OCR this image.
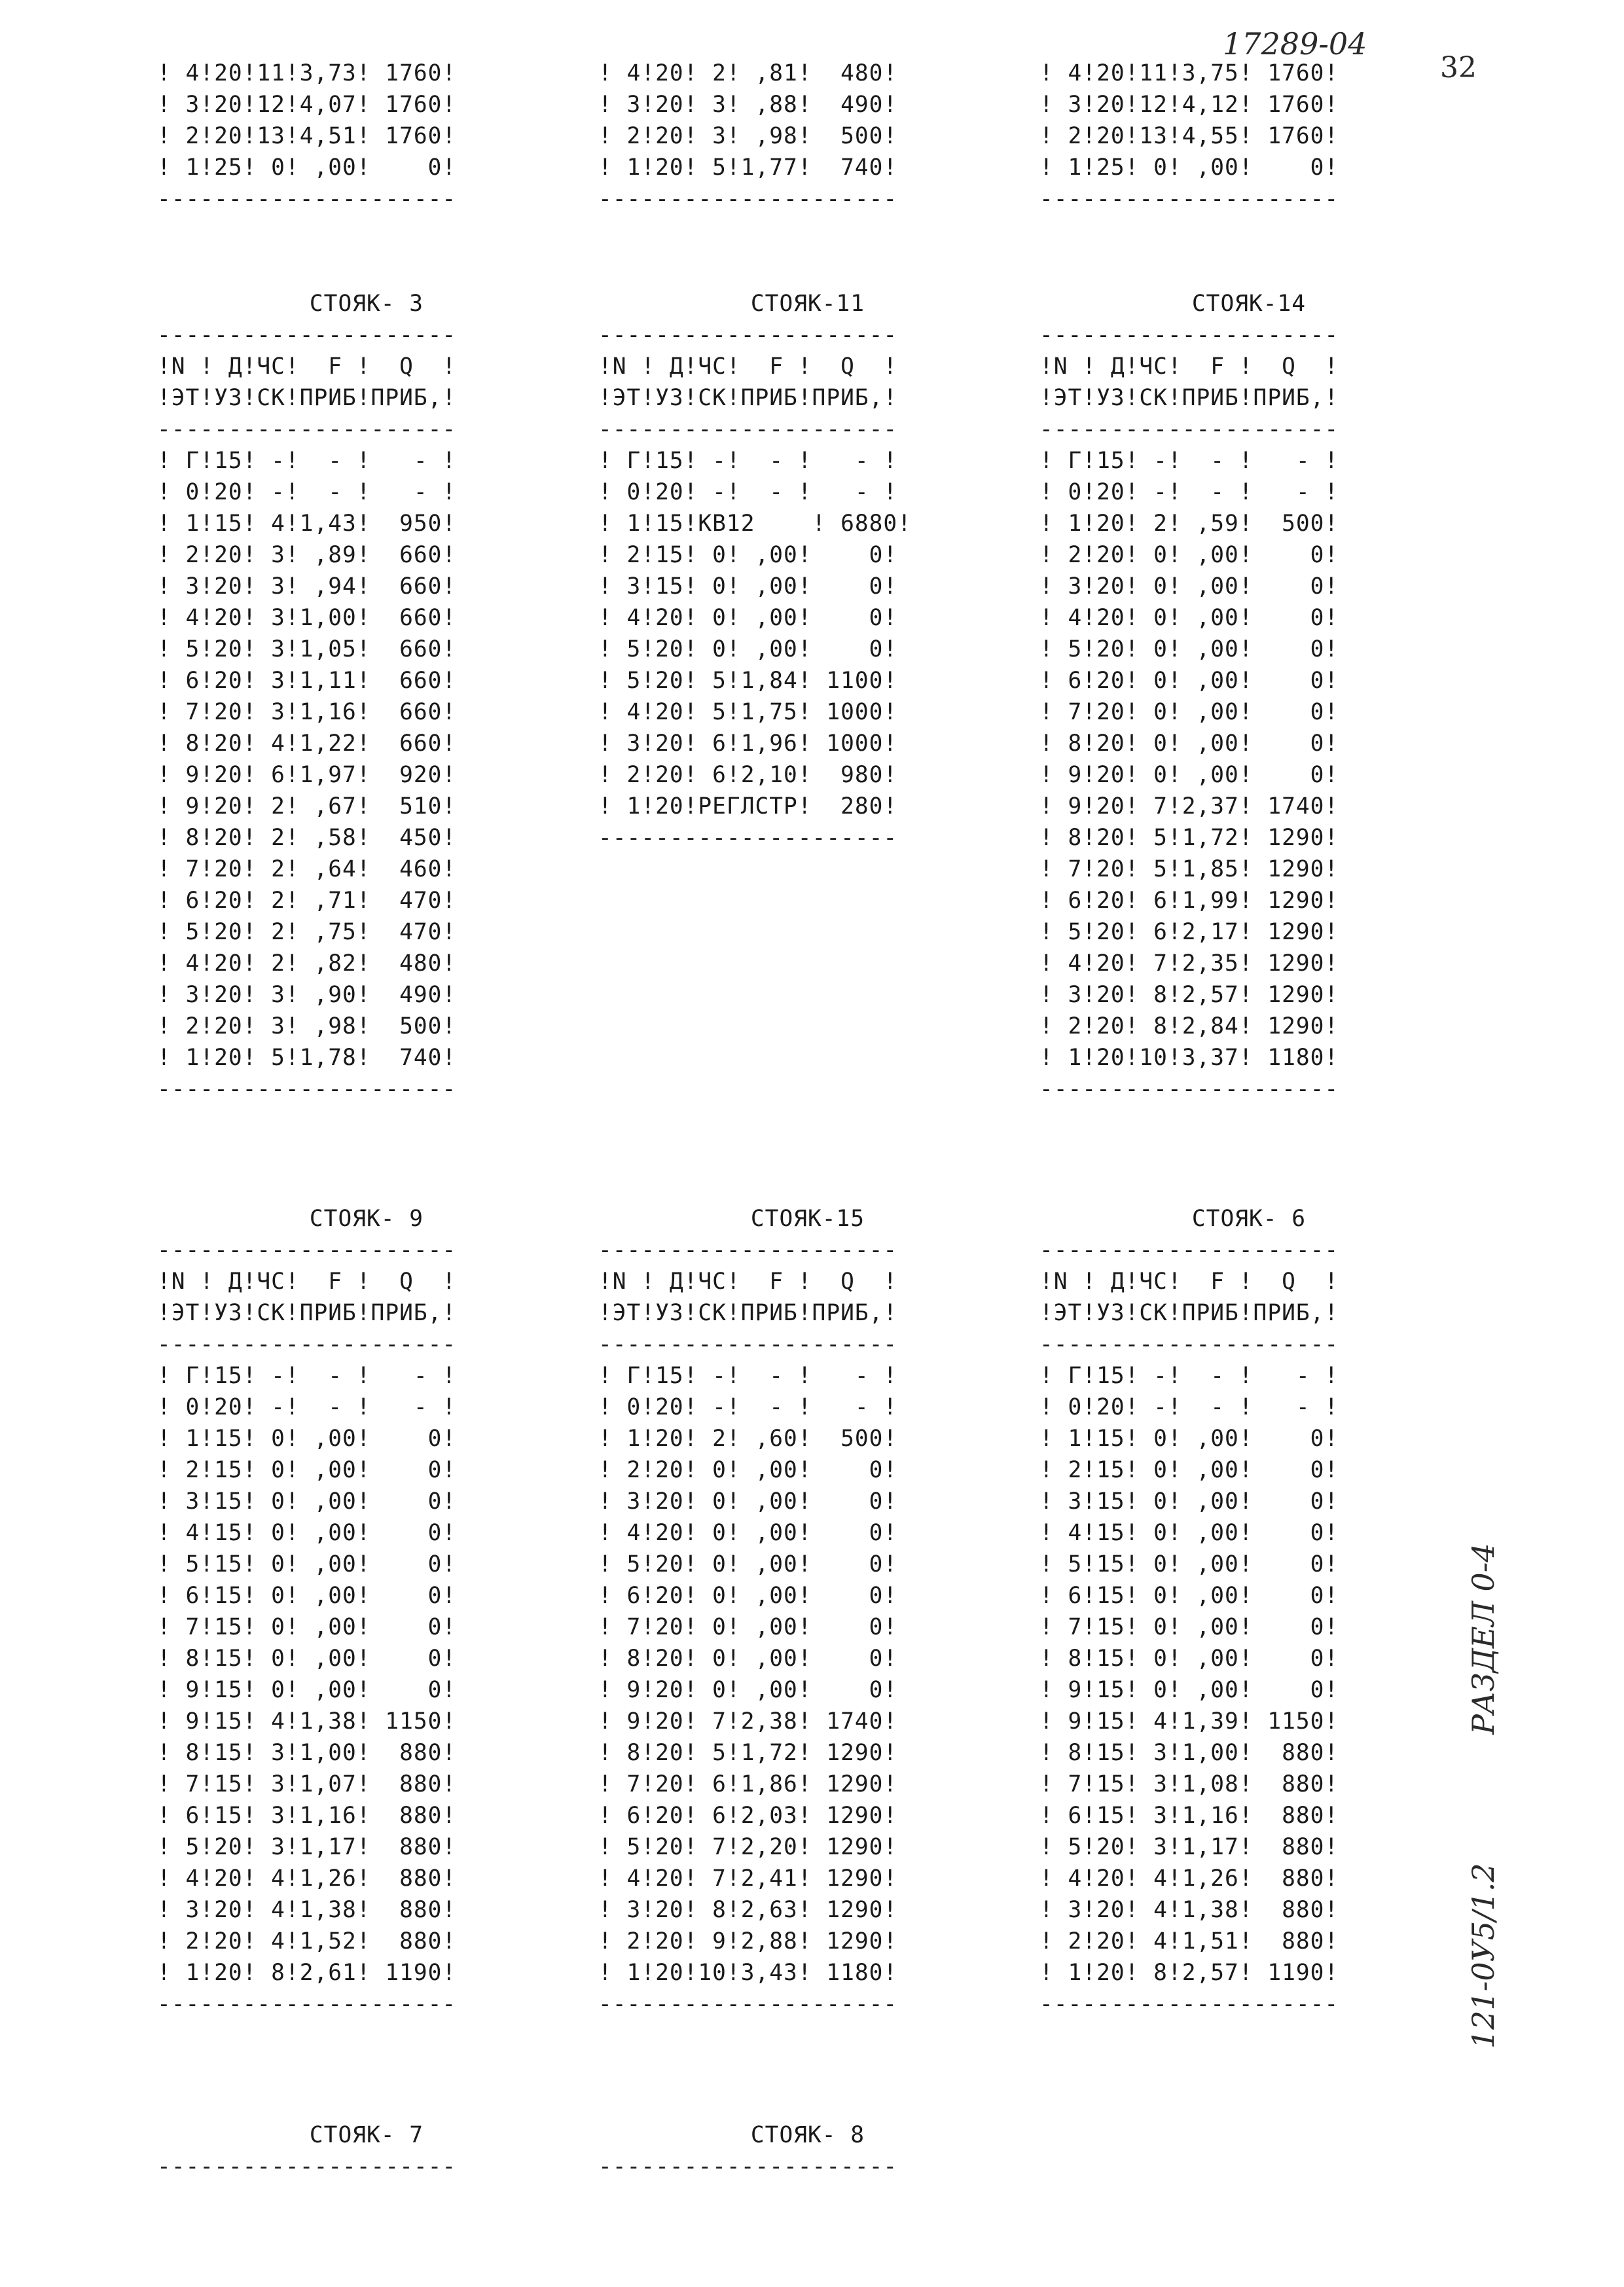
17289-04
32
! 4!20!11!3,73! 1760!
! 3!20!12!4,07! 1760!
! 2!20!13!4,51! 1760!
! 1!25! 0! ,00!    0!
---------------------
! 4!20! 2! ,81!  480!
! 3!20! 3! ,88!  490!
! 2!20! 3! ,98!  500!
! 1!20! 5!1,77!  740!
---------------------
! 4!20!11!3,75! 1760!
! 3!20!12!4,12! 1760!
! 2!20!13!4,55! 1760!
! 1!25! 0! ,00!    0!
---------------------
СТОЯК- 3	СТОЯК-11	СТОЯК-14
---------------------
!N ! Д!ЧС!  F !  Q  !
!ЭТ!УЗ!СК!ПРИБ!ПРИБ,!
---------------------
! Г!15! -!  - !   - !
! 0!20! -!  - !   - !
! 1!15! 4!1,43!  950!
! 2!20! 3! ,89!  660!
! 3!20! 3! ,94!  660!
! 4!20! 3!1,00!  660!
! 5!20! 3!1,05!  660!
! 6!20! 3!1,11!  660!
! 7!20! 3!1,16!  660!
! 8!20! 4!1,22!  660!
! 9!20! 6!1,97!  920!
! 9!20! 2! ,67!  510!
! 8!20! 2! ,58!  450!
! 7!20! 2! ,64!  460!
! 6!20! 2! ,71!  470!
! 5!20! 2! ,75!  470!
! 4!20! 2! ,82!  480!
! 3!20! 3! ,90!  490!
! 2!20! 3! ,98!  500!
! 1!20! 5!1,78!  740!
---------------------
---------------------
!N ! Д!ЧС!  F !  Q  !
!ЭТ!УЗ!СК!ПРИБ!ПРИБ,!
---------------------
! Г!15! -!  - !   - !
! 0!20! -!  - !   - !
! 1!15!КВ12    ! 6880!
! 2!15! 0! ,00!    0!
! 3!15! 0! ,00!    0!
! 4!20! 0! ,00!    0!
! 5!20! 0! ,00!    0!
! 5!20! 5!1,84! 1100!
! 4!20! 5!1,75! 1000!
! 3!20! 6!1,96! 1000!
! 2!20! 6!2,10!  980!
! 1!20!РЕГЛСТР!  280!
---------------------
---------------------
!N ! Д!ЧС!  F !  Q  !
!ЭТ!УЗ!СК!ПРИБ!ПРИБ,!
---------------------
! Г!15! -!  - !   - !
! 0!20! -!  - !   - !
! 1!20! 2! ,59!  500!
! 2!20! 0! ,00!    0!
! 3!20! 0! ,00!    0!
! 4!20! 0! ,00!    0!
! 5!20! 0! ,00!    0!
! 6!20! 0! ,00!    0!
! 7!20! 0! ,00!    0!
! 8!20! 0! ,00!    0!
! 9!20! 0! ,00!    0!
! 9!20! 7!2,37! 1740!
! 8!20! 5!1,72! 1290!
! 7!20! 5!1,85! 1290!
! 6!20! 6!1,99! 1290!
! 5!20! 6!2,17! 1290!
! 4!20! 7!2,35! 1290!
! 3!20! 8!2,57! 1290!
! 2!20! 8!2,84! 1290!
! 1!20!10!3,37! 1180!
---------------------
СТОЯК- 9	СТОЯК-15	СТОЯК- 6
---------------------
!N ! Д!ЧС!  F !  Q  !
!ЭТ!УЗ!СК!ПРИБ!ПРИБ,!
---------------------
! Г!15! -!  - !   - !
! 0!20! -!  - !   - !
! 1!15! 0! ,00!    0!
! 2!15! 0! ,00!    0!
! 3!15! 0! ,00!    0!
! 4!15! 0! ,00!    0!
! 5!15! 0! ,00!    0!
! 6!15! 0! ,00!    0!
! 7!15! 0! ,00!    0!
! 8!15! 0! ,00!    0!
! 9!15! 0! ,00!    0!
! 9!15! 4!1,38! 1150!
! 8!15! 3!1,00!  880!
! 7!15! 3!1,07!  880!
! 6!15! 3!1,16!  880!
! 5!20! 3!1,17!  880!
! 4!20! 4!1,26!  880!
! 3!20! 4!1,38!  880!
! 2!20! 4!1,52!  880!
! 1!20! 8!2,61! 1190!
---------------------
---------------------
!N ! Д!ЧС!  F !  Q  !
!ЭТ!УЗ!СК!ПРИБ!ПРИБ,!
---------------------
! Г!15! -!  - !   - !
! 0!20! -!  - !   - !
! 1!20! 2! ,60!  500!
! 2!20! 0! ,00!    0!
! 3!20! 0! ,00!    0!
! 4!20! 0! ,00!    0!
! 5!20! 0! ,00!    0!
! 6!20! 0! ,00!    0!
! 7!20! 0! ,00!    0!
! 8!20! 0! ,00!    0!
! 9!20! 0! ,00!    0!
! 9!20! 7!2,38! 1740!
! 8!20! 5!1,72! 1290!
! 7!20! 6!1,86! 1290!
! 6!20! 6!2,03! 1290!
! 5!20! 7!2,20! 1290!
! 4!20! 7!2,41! 1290!
! 3!20! 8!2,63! 1290!
! 2!20! 9!2,88! 1290!
! 1!20!10!3,43! 1180!
---------------------
---------------------
!N ! Д!ЧС!  F !  Q  !
!ЭТ!УЗ!СК!ПРИБ!ПРИБ,!
---------------------
! Г!15! -!  - !   - !
! 0!20! -!  - !   - !
! 1!15! 0! ,00!    0!
! 2!15! 0! ,00!    0!
! 3!15! 0! ,00!    0!
! 4!15! 0! ,00!    0!
! 5!15! 0! ,00!    0!
! 6!15! 0! ,00!    0!
! 7!15! 0! ,00!    0!
! 8!15! 0! ,00!    0!
! 9!15! 0! ,00!    0!
! 9!15! 4!1,39! 1150!
! 8!15! 3!1,00!  880!
! 7!15! 3!1,08!  880!
! 6!15! 3!1,16!  880!
! 5!20! 3!1,17!  880!
! 4!20! 4!1,26!  880!
! 3!20! 4!1,38!  880!
! 2!20! 4!1,51!  880!
! 1!20! 8!2,57! 1190!
---------------------
СТОЯК- 7	СТОЯК- 8
---------------------	---------------------
121-0У5/1.2
РАЗДЕЛ 0-4
